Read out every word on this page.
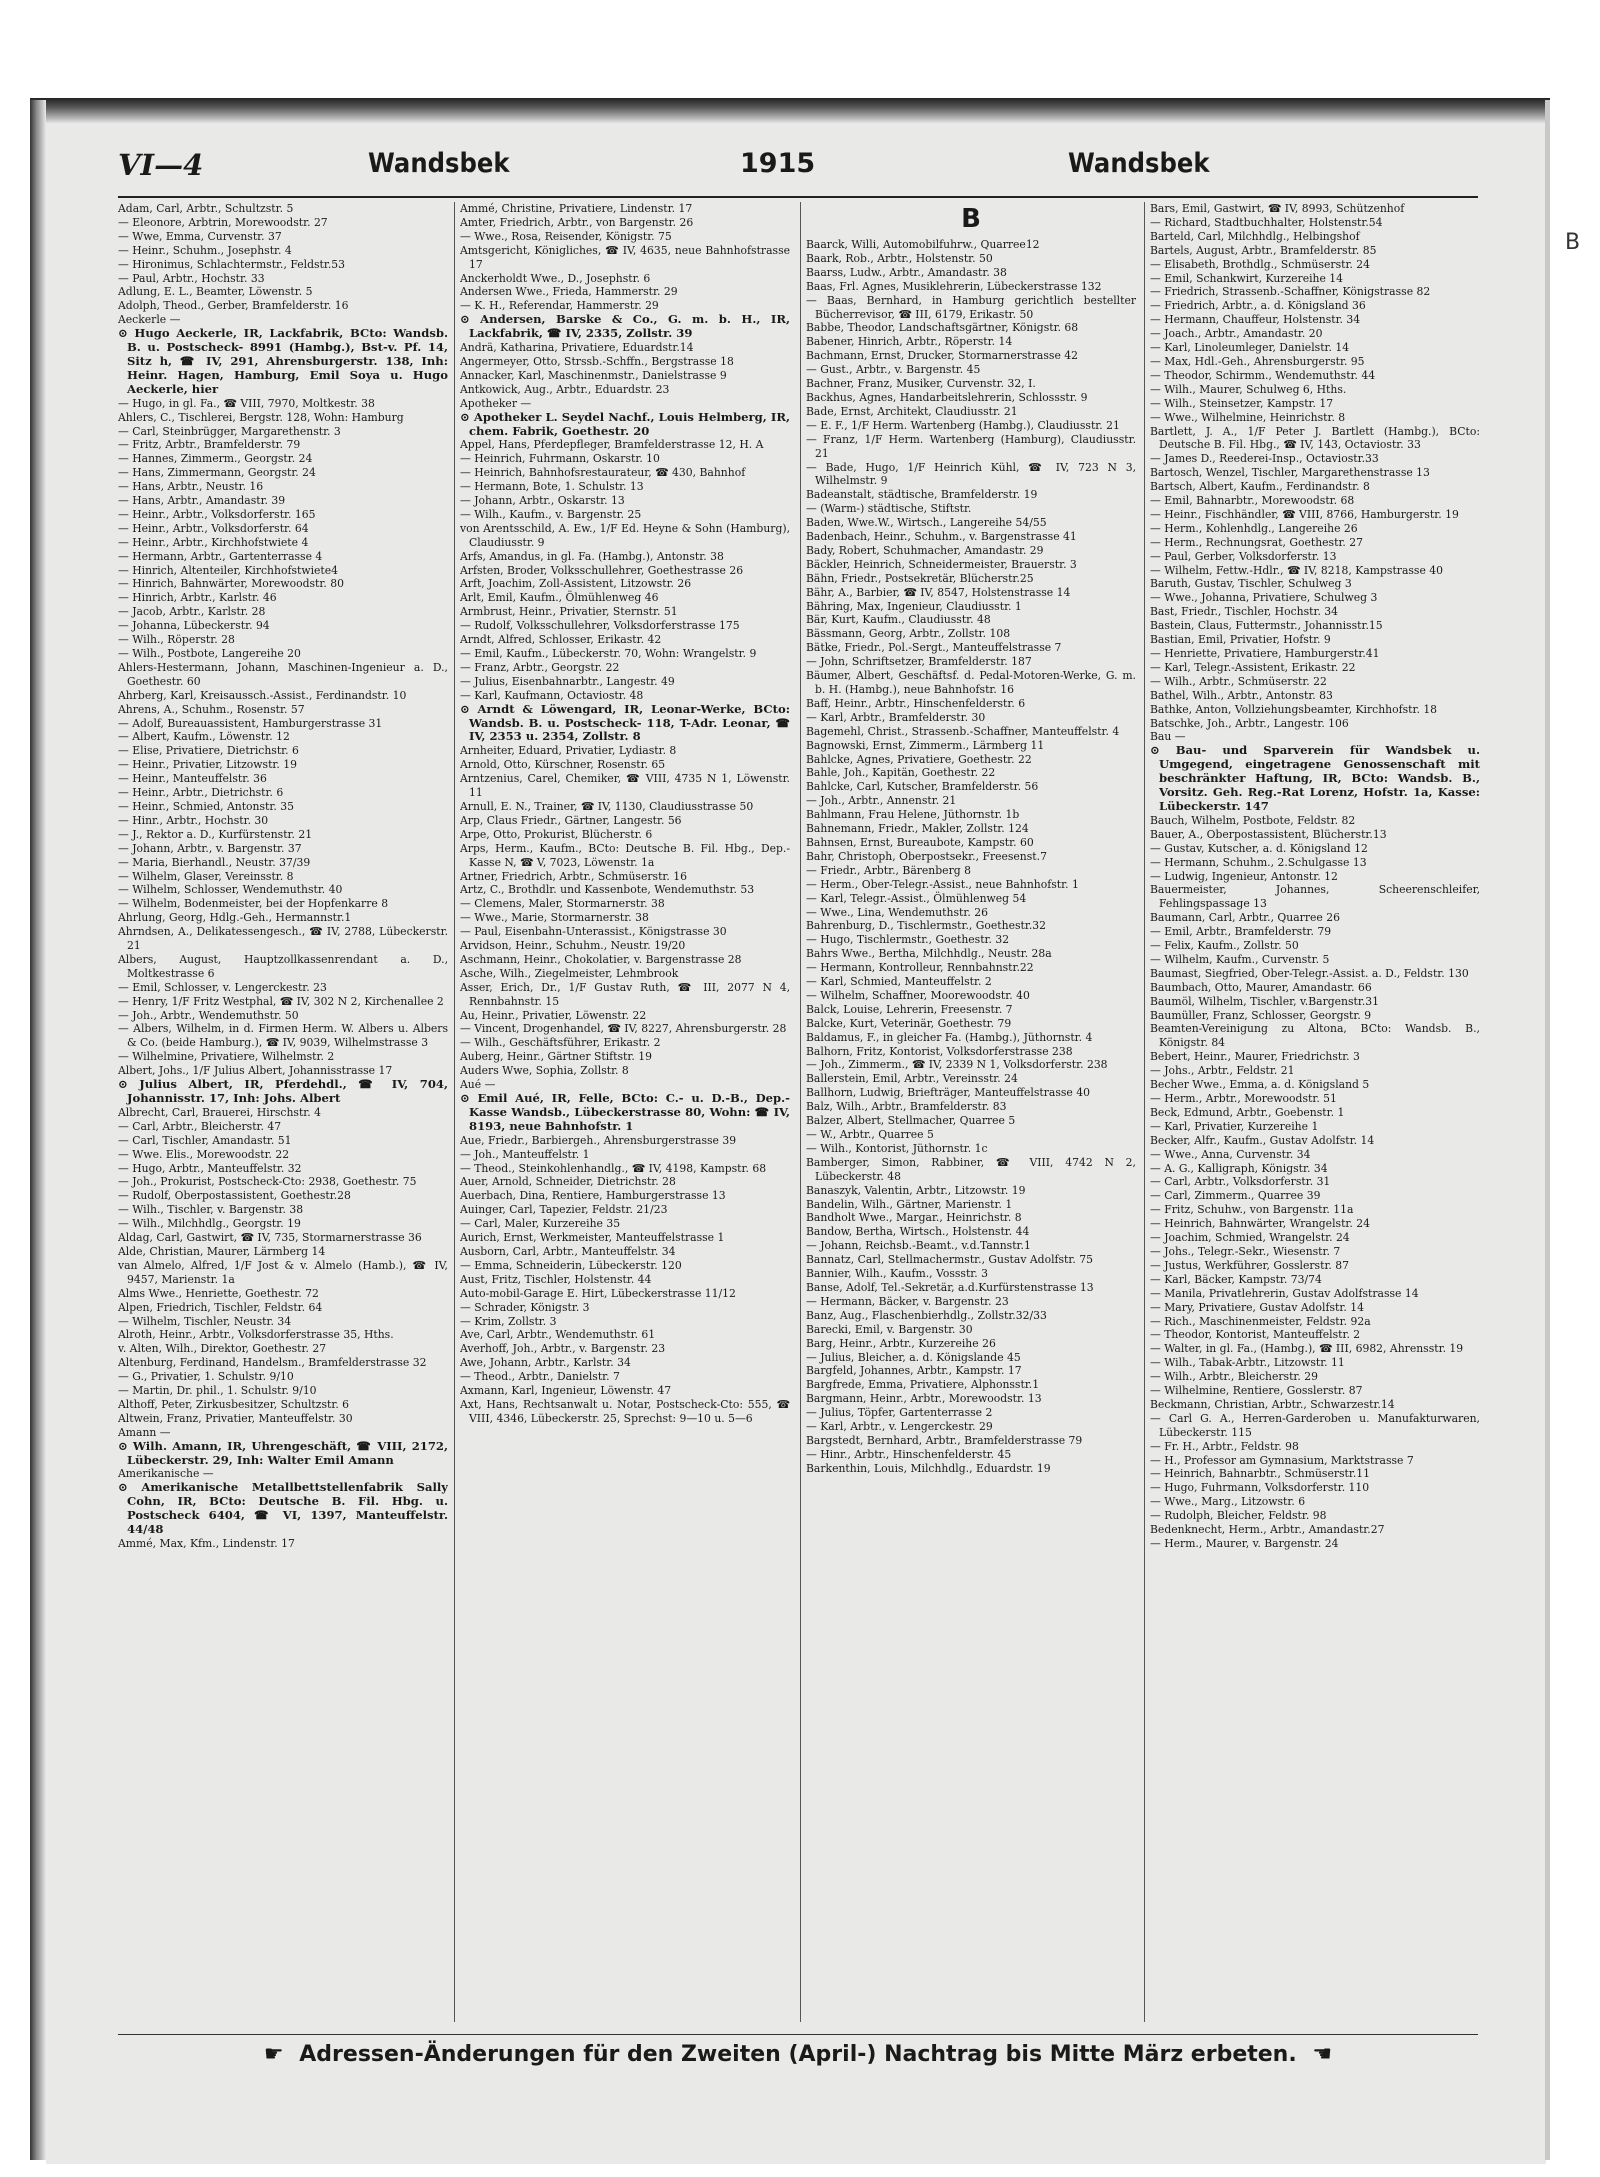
B
VI—4	Wandsbek	1915	Wandsbek

Adam, Carl, Arbtr., Schultzstr. 5

— Eleonore, Arbtrin, Morewoodstr. 27

— Wwe, Emma, Curvenstr. 37

— Heinr., Schuhm., Josephstr. 4

— Hironimus, Schlachtermstr., Feldstr.53

— Paul, Arbtr., Hochstr. 33

Adlung, E. L., Beamter, Löwenstr. 5

Adolph, Theod., Gerber, Bramfelderstr. 16

Aeckerle —

⊙ Hugo Aeckerle, IR, Lackfabrik, BCto: Wandsb. B. u. Postscheck- 8991 (Hambg.), Bst-v. Pf. 14, Sitz h, ☎ IV, 291, Ahrensburgerstr. 138, Inh: Heinr. Hagen, Hamburg, Emil Soya u. Hugo Aeckerle, hier

— Hugo, in gl. Fa., ☎ VIII, 7970, Moltkestr. 38

Ahlers, C., Tischlerei, Bergstr. 128, Wohn: Hamburg

— Carl, Steinbrügger, Margarethenstr. 3

— Fritz, Arbtr., Bramfelderstr. 79

— Hannes, Zimmerm., Georgstr. 24

— Hans, Zimmermann, Georgstr. 24

— Hans, Arbtr., Neustr. 16

— Hans, Arbtr., Amandastr. 39

— Heinr., Arbtr., Volksdorferstr. 165

— Heinr., Arbtr., Volksdorferstr. 64

— Heinr., Arbtr., Kirchhofstwiete 4

— Hermann, Arbtr., Gartenterrasse 4

— Hinrich, Altenteiler, Kirchhofstwiete4

— Hinrich, Bahnwärter, Morewoodstr. 80

— Hinrich, Arbtr., Karlstr. 46

— Jacob, Arbtr., Karlstr. 28

— Johanna, Lübeckerstr. 94

— Wilh., Röperstr. 28

— Wilh., Postbote, Langereihe 20

Ahlers-Hestermann, Johann, Maschinen-Ingenieur a. D., Goethestr. 60

Ahrberg, Karl, Kreisaussch.-Assist., Ferdinandstr. 10

Ahrens, A., Schuhm., Rosenstr. 57

— Adolf, Bureauassistent, Hamburgerstrasse 31

— Albert, Kaufm., Löwenstr. 12

— Elise, Privatiere, Dietrichstr. 6

— Heinr., Privatier, Litzowstr. 19

— Heinr., Manteuffelstr. 36

— Heinr., Arbtr., Dietrichstr. 6

— Heinr., Schmied, Antonstr. 35

— Hinr., Arbtr., Hochstr. 30

— J., Rektor a. D., Kurfürstenstr. 21

— Johann, Arbtr., v. Bargenstr. 37

— Maria, Bierhandl., Neustr. 37/39

— Wilhelm, Glaser, Vereinsstr. 8

— Wilhelm, Schlosser, Wendemuthstr. 40

— Wilhelm, Bodenmeister, bei der Hopfenkarre 8

Ahrlung, Georg, Hdlg.-Geh., Hermannstr.1

Ahrndsen, A., Delikatessengesch., ☎ IV, 2788, Lübeckerstr. 21

Albers, August, Hauptzollkassenrendant a. D., Moltkestrasse 6

— Emil, Schlosser, v. Lengerckestr. 23

— Henry, 1/F Fritz Westphal, ☎ IV, 302 N 2, Kirchenallee 2

— Joh., Arbtr., Wendemuthstr. 50

— Albers, Wilhelm, in d. Firmen Herm. W. Albers u. Albers & Co. (beide Hamburg.), ☎ IV, 9039, Wilhelmstrasse 3

— Wilhelmine, Privatiere, Wilhelmstr. 2

Albert, Johs., 1/F Julius Albert, Johannisstrasse 17

⊙ Julius Albert, IR, Pferdehdl., ☎ IV, 704, Johannisstr. 17, Inh: Johs. Albert

Albrecht, Carl, Brauerei, Hirschstr. 4

— Carl, Arbtr., Bleicherstr. 47

— Carl, Tischler, Amandastr. 51

— Wwe. Elis., Morewoodstr. 22

— Hugo, Arbtr., Manteuffelstr. 32

— Joh., Prokurist, Postscheck-Cto: 2938, Goethestr. 75

— Rudolf, Oberpostassistent, Goethestr.28

— Wilh., Tischler, v. Bargenstr. 38

— Wilh., Milchhdlg., Georgstr. 19

Aldag, Carl, Gastwirt, ☎ IV, 735, Stormarnerstrasse 36

Alde, Christian, Maurer, Lärmberg 14

van Almelo, Alfred, 1/F Jost & v. Almelo (Hamb.), ☎ IV, 9457, Marienstr. 1a

Alms Wwe., Henriette, Goethestr. 72

Alpen, Friedrich, Tischler, Feldstr. 64

— Wilhelm, Tischler, Neustr. 34

Alroth, Heinr., Arbtr., Volksdorferstrasse 35, Hths.

v. Alten, Wilh., Direktor, Goethestr. 27

Altenburg, Ferdinand, Handelsm., Bramfelderstrasse 32

— G., Privatier, 1. Schulstr. 9/10

— Martin, Dr. phil., 1. Schulstr. 9/10

Althoff, Peter, Zirkusbesitzer, Schultzstr. 6

Altwein, Franz, Privatier, Manteuffelstr. 30

Amann —

⊙ Wilh. Amann, IR, Uhrengeschäft, ☎ VIII, 2172, Lübeckerstr. 29, Inh: Walter Emil Amann

Amerikanische —

⊙ Amerikanische Metallbettstellenfabrik Sally Cohn, IR, BCto: Deutsche B. Fil. Hbg. u. Postscheck 6404, ☎ VI, 1397, Manteuffelstr. 44/48

Ammé, Max, Kfm., Lindenstr. 17

Ammé, Christine, Privatiere, Lindenstr. 17

Amter, Friedrich, Arbtr., von Bargenstr. 26

— Wwe., Rosa, Reisender, Königstr. 75

Amtsgericht, Königliches, ☎ IV, 4635, neue Bahnhofstrasse 17

Anckerholdt Wwe., D., Josephstr. 6

Andersen Wwe., Frieda, Hammerstr. 29

— K. H., Referendar, Hammerstr. 29

⊙ Andersen, Barske & Co., G. m. b. H., IR, Lackfabrik, ☎ IV, 2335, Zollstr. 39

Andrä, Katharina, Privatiere, Eduardstr.14

Angermeyer, Otto, Strssb.-Schffn., Bergstrasse 18

Annacker, Karl, Maschinenmstr., Danielstrasse 9

Antkowick, Aug., Arbtr., Eduardstr. 23

Apotheker —

⊙ Apotheker L. Seydel Nachf., Louis Helmberg, IR, chem. Fabrik, Goethestr. 20

Appel, Hans, Pferdepfleger, Bramfelderstrasse 12, H. A

— Heinrich, Fuhrmann, Oskarstr. 10

— Heinrich, Bahnhofsrestaurateur, ☎ 430, Bahnhof

— Hermann, Bote, 1. Schulstr. 13

— Johann, Arbtr., Oskarstr. 13

— Wilh., Kaufm., v. Bargenstr. 25

von Arentsschild, A. Ew., 1/F Ed. Heyne & Sohn (Hamburg), Claudiusstr. 9

Arfs, Amandus, in gl. Fa. (Hambg.), Antonstr. 38

Arfsten, Broder, Volksschullehrer, Goethestrasse 26

Arft, Joachim, Zoll-Assistent, Litzowstr. 26

Arlt, Emil, Kaufm., Ölmühlenweg 46

Armbrust, Heinr., Privatier, Sternstr. 51

— Rudolf, Volksschullehrer, Volksdorferstrasse 175

Arndt, Alfred, Schlosser, Erikastr. 42

— Emil, Kaufm., Lübeckerstr. 70, Wohn: Wrangelstr. 9

— Franz, Arbtr., Georgstr. 22

— Julius, Eisenbahnarbtr., Langestr. 49

— Karl, Kaufmann, Octaviostr. 48

⊙ Arndt & Löwengard, IR, Leonar-Werke, BCto: Wandsb. B. u. Postscheck- 118, T-Adr. Leonar, ☎ IV, 2353 u. 2354, Zollstr. 8

Arnheiter, Eduard, Privatier, Lydiastr. 8

Arnold, Otto, Kürschner, Rosenstr. 65

Arntzenius, Carel, Chemiker, ☎ VIII, 4735 N 1, Löwenstr. 11

Arnull, E. N., Trainer, ☎ IV, 1130, Claudiusstrasse 50

Arp, Claus Friedr., Gärtner, Langestr. 56

Arpe, Otto, Prokurist, Blücherstr. 6

Arps, Herm., Kaufm., BCto: Deutsche B. Fil. Hbg., Dep.-Kasse N, ☎ V, 7023, Löwenstr. 1a

Artner, Friedrich, Arbtr., Schmüserstr. 16

Artz, C., Brothdlr. und Kassenbote, Wendemuthstr. 53

— Clemens, Maler, Stormarnerstr. 38

— Wwe., Marie, Stormarnerstr. 38

— Paul, Eisenbahn-Unterassist., Königstrasse 30

Arvidson, Heinr., Schuhm., Neustr. 19/20

Aschmann, Heinr., Chokolatier, v. Bargenstrasse 28

Asche, Wilh., Ziegelmeister, Lehmbrook

Asser, Erich, Dr., 1/F Gustav Ruth, ☎ III, 2077 N 4, Rennbahnstr. 15

Au, Heinr., Privatier, Löwenstr. 22

— Vincent, Drogenhandel, ☎ IV, 8227, Ahrensburgerstr. 28

— Wilh., Geschäftsführer, Erikastr. 2

Auberg, Heinr., Gärtner Stiftstr. 19

Auders Wwe, Sophia, Zollstr. 8

Aué —

⊙ Emil Aué, IR, Felle, BCto: C.- u. D.-B., Dep.-Kasse Wandsb., Lübeckerstrasse 80, Wohn: ☎ IV, 8193, neue Bahnhofstr. 1

Aue, Friedr., Barbiergeh., Ahrensburgerstrasse 39

— Joh., Manteuffelstr. 1

— Theod., Steinkohlenhandlg., ☎ IV, 4198, Kampstr. 68

Auer, Arnold, Schneider, Dietrichstr. 28

Auerbach, Dina, Rentiere, Hamburgerstrasse 13

Auinger, Carl, Tapezier, Feldstr. 21/23

— Carl, Maler, Kurzereihe 35

Aurich, Ernst, Werkmeister, Manteuffelstrasse 1

Ausborn, Carl, Arbtr., Manteuffelstr. 34

— Emma, Schneiderin, Lübeckerstr. 120

Aust, Fritz, Tischler, Holstenstr. 44

Auto-mobil-Garage E. Hirt, Lübeckerstrasse 11/12

— Schrader, Königstr. 3

— Krim, Zollstr. 3

Ave, Carl, Arbtr., Wendemuthstr. 61

Averhoff, Joh., Arbtr., v. Bargenstr. 23

Awe, Johann, Arbtr., Karlstr. 34

— Theod., Arbtr., Danielstr. 7

Axmann, Karl, Ingenieur, Löwenstr. 47

Axt, Hans, Rechtsanwalt u. Notar, Postscheck-Cto: 555, ☎ VIII, 4346, Lübeckerstr. 25, Sprechst: 9—10 u. 5—6

B

Baarck, Willi, Automobilfuhrw., Quarree12

Baark, Rob., Arbtr., Holstenstr. 50

Baarss, Ludw., Arbtr., Amandastr. 38

Baas, Frl. Agnes, Musiklehrerin, Lübeckerstrasse 132

— Baas, Bernhard, in Hamburg gerichtlich bestellter Bücherrevisor, ☎ III, 6179, Erikastr. 50

Babbe, Theodor, Landschaftsgärtner, Königstr. 68

Babener, Hinrich, Arbtr., Röperstr. 14

Bachmann, Ernst, Drucker, Stormarnerstrasse 42

— Gust., Arbtr., v. Bargenstr. 45

Bachner, Franz, Musiker, Curvenstr. 32, I.

Backhus, Agnes, Handarbeitslehrerin, Schlossstr. 9

Bade, Ernst, Architekt, Claudiusstr. 21

— E. F., 1/F Herm. Wartenberg (Hambg.), Claudiusstr. 21

— Franz, 1/F Herm. Wartenberg (Hamburg), Claudiusstr. 21

— Bade, Hugo, 1/F Heinrich Kühl, ☎ IV, 723 N 3, Wilhelmstr. 9

Badeanstalt, städtische, Bramfelderstr. 19

— (Warm-) städtische, Stiftstr.

Baden, Wwe.W., Wirtsch., Langereihe 54/55

Badenbach, Heinr., Schuhm., v. Bargenstrasse 41

Bady, Robert, Schuhmacher, Amandastr. 29

Bäckler, Heinrich, Schneidermeister, Brauerstr. 3

Bähn, Friedr., Postsekretär, Blücherstr.25

Bähr, A., Barbier, ☎ IV, 8547, Holstenstrasse 14

Bähring, Max, Ingenieur, Claudiusstr. 1

Bär, Kurt, Kaufm., Claudiusstr. 48

Bässmann, Georg, Arbtr., Zollstr. 108

Bätke, Friedr., Pol.-Sergt., Manteuffelstrasse 7

— John, Schriftsetzer, Bramfelderstr. 187

Bäumer, Albert, Geschäftsf. d. Pedal-Motoren-Werke, G. m. b. H. (Hambg.), neue Bahnhofstr. 16

Baff, Heinr., Arbtr., Hinschenfelderstr. 6

— Karl, Arbtr., Bramfelderstr. 30

Bagemehl, Christ., Strassenb.-Schaffner, Manteuffelstr. 4

Bagnowski, Ernst, Zimmerm., Lärmberg 11

Bahlcke, Agnes, Privatiere, Goethestr. 22

Bahle, Joh., Kapitän, Goethestr. 22

Bahlcke, Carl, Kutscher, Bramfelderstr. 56

— Joh., Arbtr., Annenstr. 21

Bahlmann, Frau Helene, Jüthornstr. 1b

Bahnemann, Friedr., Makler, Zollstr. 124

Bahnsen, Ernst, Bureaubote, Kampstr. 60

Bahr, Christoph, Oberpostsekr., Freesenst.7

— Friedr., Arbtr., Bärenberg 8

— Herm., Ober-Telegr.-Assist., neue Bahnhofstr. 1

— Karl, Telegr.-Assist., Ölmühlenweg 54

— Wwe., Lina, Wendemuthstr. 26

Bahrenburg, D., Tischlermstr., Goethestr.32

— Hugo, Tischlermstr., Goethestr. 32

Bahrs Wwe., Bertha, Milchhdlg., Neustr. 28a

— Hermann, Kontrolleur, Rennbahnstr.22

— Karl, Schmied, Manteuffelstr. 2

— Wilhelm, Schaffner, Moorewoodstr. 40

Balck, Louise, Lehrerin, Freesenstr. 7

Balcke, Kurt, Veterinär, Goethestr. 79

Baldamus, F., in gleicher Fa. (Hambg.), Jüthornstr. 4

Balhorn, Fritz, Kontorist, Volksdorferstrasse 238

— Joh., Zimmerm., ☎ IV, 2339 N 1, Volksdorferstr. 238

Ballerstein, Emil, Arbtr., Vereinsstr. 24

Ballhorn, Ludwig, Briefträger, Manteuffelstrasse 40

Balz, Wilh., Arbtr., Bramfelderstr. 83

Balzer, Albert, Stellmacher, Quarree 5

— W., Arbtr., Quarree 5

— Wilh., Kontorist, Jüthornstr. 1c

Bamberger, Simon, Rabbiner, ☎ VIII, 4742 N 2, Lübeckerstr. 48

Banaszyk, Valentin, Arbtr., Litzowstr. 19

Bandelin, Wilh., Gärtner, Marienstr. 1

Bandholt Wwe., Margar., Heinrichstr. 8

Bandow, Bertha, Wirtsch., Holstenstr. 44

— Johann, Reichsb.-Beamt., v.d.Tannstr.1

Bannatz, Carl, Stellmachermstr., Gustav Adolfstr. 75

Bannier, Wilh., Kaufm., Vossstr. 3

Banse, Adolf, Tel.-Sekretär, a.d.Kurfürstenstrasse 13

— Hermann, Bäcker, v. Bargenstr. 23

Banz, Aug., Flaschenbierhdlg., Zollstr.32/33

Barecki, Emil, v. Bargenstr. 30

Barg, Heinr., Arbtr., Kurzereihe 26

— Julius, Bleicher, a. d. Königslande 45

Bargfeld, Johannes, Arbtr., Kampstr. 17

Bargfrede, Emma, Privatiere, Alphonsstr.1

Bargmann, Heinr., Arbtr., Morewoodstr. 13

— Julius, Töpfer, Gartenterrasse 2

— Karl, Arbtr., v. Lengerckestr. 29

Bargstedt, Bernhard, Arbtr., Bramfelderstrasse 79

— Hinr., Arbtr., Hinschenfelderstr. 45

Barkenthin, Louis, Milchhdlg., Eduardstr. 19

Bars, Emil, Gastwirt, ☎ IV, 8993, Schützenhof

— Richard, Stadtbuchhalter, Holstenstr.54

Barteld, Carl, Milchhdlg., Helbingshof

Bartels, August, Arbtr., Bramfelderstr. 85

— Elisabeth, Brothdlg., Schmüserstr. 24

— Emil, Schankwirt, Kurzereihe 14

— Friedrich, Strassenb.-Schaffner, Königstrasse 82

— Friedrich, Arbtr., a. d. Königsland 36

— Hermann, Chauffeur, Holstenstr. 34

— Joach., Arbtr., Amandastr. 20

— Karl, Linoleumleger, Danielstr. 14

— Max, Hdl.-Geh., Ahrensburgerstr. 95

— Theodor, Schirmm., Wendemuthstr. 44

— Wilh., Maurer, Schulweg 6, Hths.

— Wilh., Steinsetzer, Kampstr. 17

— Wwe., Wilhelmine, Heinrichstr. 8

Bartlett, J. A., 1/F Peter J. Bartlett (Hambg.), BCto: Deutsche B. Fil. Hbg., ☎ IV, 143, Octaviostr. 33

— James D., Reederei-Insp., Octaviostr.33

Bartosch, Wenzel, Tischler, Margarethenstrasse 13

Bartsch, Albert, Kaufm., Ferdinandstr. 8

— Emil, Bahnarbtr., Morewoodstr. 68

— Heinr., Fischhändler, ☎ VIII, 8766, Hamburgerstr. 19

— Herm., Kohlenhdlg., Langereihe 26

— Herm., Rechnungsrat, Goethestr. 27

— Paul, Gerber, Volksdorferstr. 13

— Wilhelm, Fettw.-Hdlr., ☎ IV, 8218, Kampstrasse 40

Baruth, Gustav, Tischler, Schulweg 3

— Wwe., Johanna, Privatiere, Schulweg 3

Bast, Friedr., Tischler, Hochstr. 34

Bastein, Claus, Futtermstr., Johannisstr.15

Bastian, Emil, Privatier, Hofstr. 9

— Henriette, Privatiere, Hamburgerstr.41

— Karl, Telegr.-Assistent, Erikastr. 22

— Wilh., Arbtr., Schmüserstr. 22

Bathel, Wilh., Arbtr., Antonstr. 83

Bathke, Anton, Vollziehungsbeamter, Kirchhofstr. 18

Batschke, Joh., Arbtr., Langestr. 106

Bau —

⊙ Bau- und Sparverein für Wandsbek u. Umgegend, eingetragene Genossenschaft mit beschränkter Haftung, IR, BCto: Wandsb. B., Vorsitz. Geh. Reg.-Rat Lorenz, Hofstr. 1a, Kasse: Lübeckerstr. 147

Bauch, Wilhelm, Postbote, Feldstr. 82

Bauer, A., Oberpostassistent, Blücherstr.13

— Gustav, Kutscher, a. d. Königsland 12

— Hermann, Schuhm., 2.Schulgasse 13

— Ludwig, Ingenieur, Antonstr. 12

Bauermeister, Johannes, Scheerenschleifer, Fehlingspassage 13

Baumann, Carl, Arbtr., Quarree 26

— Emil, Arbtr., Bramfelderstr. 79

— Felix, Kaufm., Zollstr. 50

— Wilhelm, Kaufm., Curvenstr. 5

Baumast, Siegfried, Ober-Telegr.-Assist. a. D., Feldstr. 130

Baumbach, Otto, Maurer, Amandastr. 66

Baumöl, Wilhelm, Tischler, v.Bargenstr.31

Baumüller, Franz, Schlosser, Georgstr. 9

Beamten-Vereinigung zu Altona, BCto: Wandsb. B., Königstr. 84

Bebert, Heinr., Maurer, Friedrichstr. 3

— Johs., Arbtr., Feldstr. 21

Becher Wwe., Emma, a. d. Königsland 5

— Herm., Arbtr., Morewoodstr. 51

Beck, Edmund, Arbtr., Goebenstr. 1

— Karl, Privatier, Kurzereihe 1

Becker, Alfr., Kaufm., Gustav Adolfstr. 14

— Wwe., Anna, Curvenstr. 34

— A. G., Kalligraph, Königstr. 34

— Carl, Arbtr., Volksdorferstr. 31

— Carl, Zimmerm., Quarree 39

— Fritz, Schuhw., von Bargenstr. 11a

— Heinrich, Bahnwärter, Wrangelstr. 24

— Joachim, Schmied, Wrangelstr. 24

— Johs., Telegr.-Sekr., Wiesenstr. 7

— Justus, Werkführer, Gosslerstr. 87

— Karl, Bäcker, Kampstr. 73/74

— Manila, Privatlehrerin, Gustav Adolfstrasse 14

— Mary, Privatiere, Gustav Adolfstr. 14

— Rich., Maschinenmeister, Feldstr. 92a

— Theodor, Kontorist, Manteuffelstr. 2

— Walter, in gl. Fa., (Hambg.), ☎ III, 6982, Ahrensstr. 19

— Wilh., Tabak-Arbtr., Litzowstr. 11

— Wilh., Arbtr., Bleicherstr. 29

— Wilhelmine, Rentiere, Gosslerstr. 87

Beckmann, Christian, Arbtr., Schwarzestr.14

— Carl G. A., Herren-Garderoben u. Manufakturwaren, Lübeckerstr. 115

— Fr. H., Arbtr., Feldstr. 98

— H., Professor am Gymnasium, Marktstrasse 7

— Heinrich, Bahnarbtr., Schmüserstr.11

— Hugo, Fuhrmann, Volksdorferstr. 110

— Wwe., Marg., Litzowstr. 6

— Rudolph, Bleicher, Feldstr. 98

Bedenknecht, Herm., Arbtr., Amandastr.27

— Herm., Maurer, v. Bargenstr. 24

☛ Adressen-Änderungen für den Zweiten (April-) Nachtrag bis Mitte März erbeten. ☚
